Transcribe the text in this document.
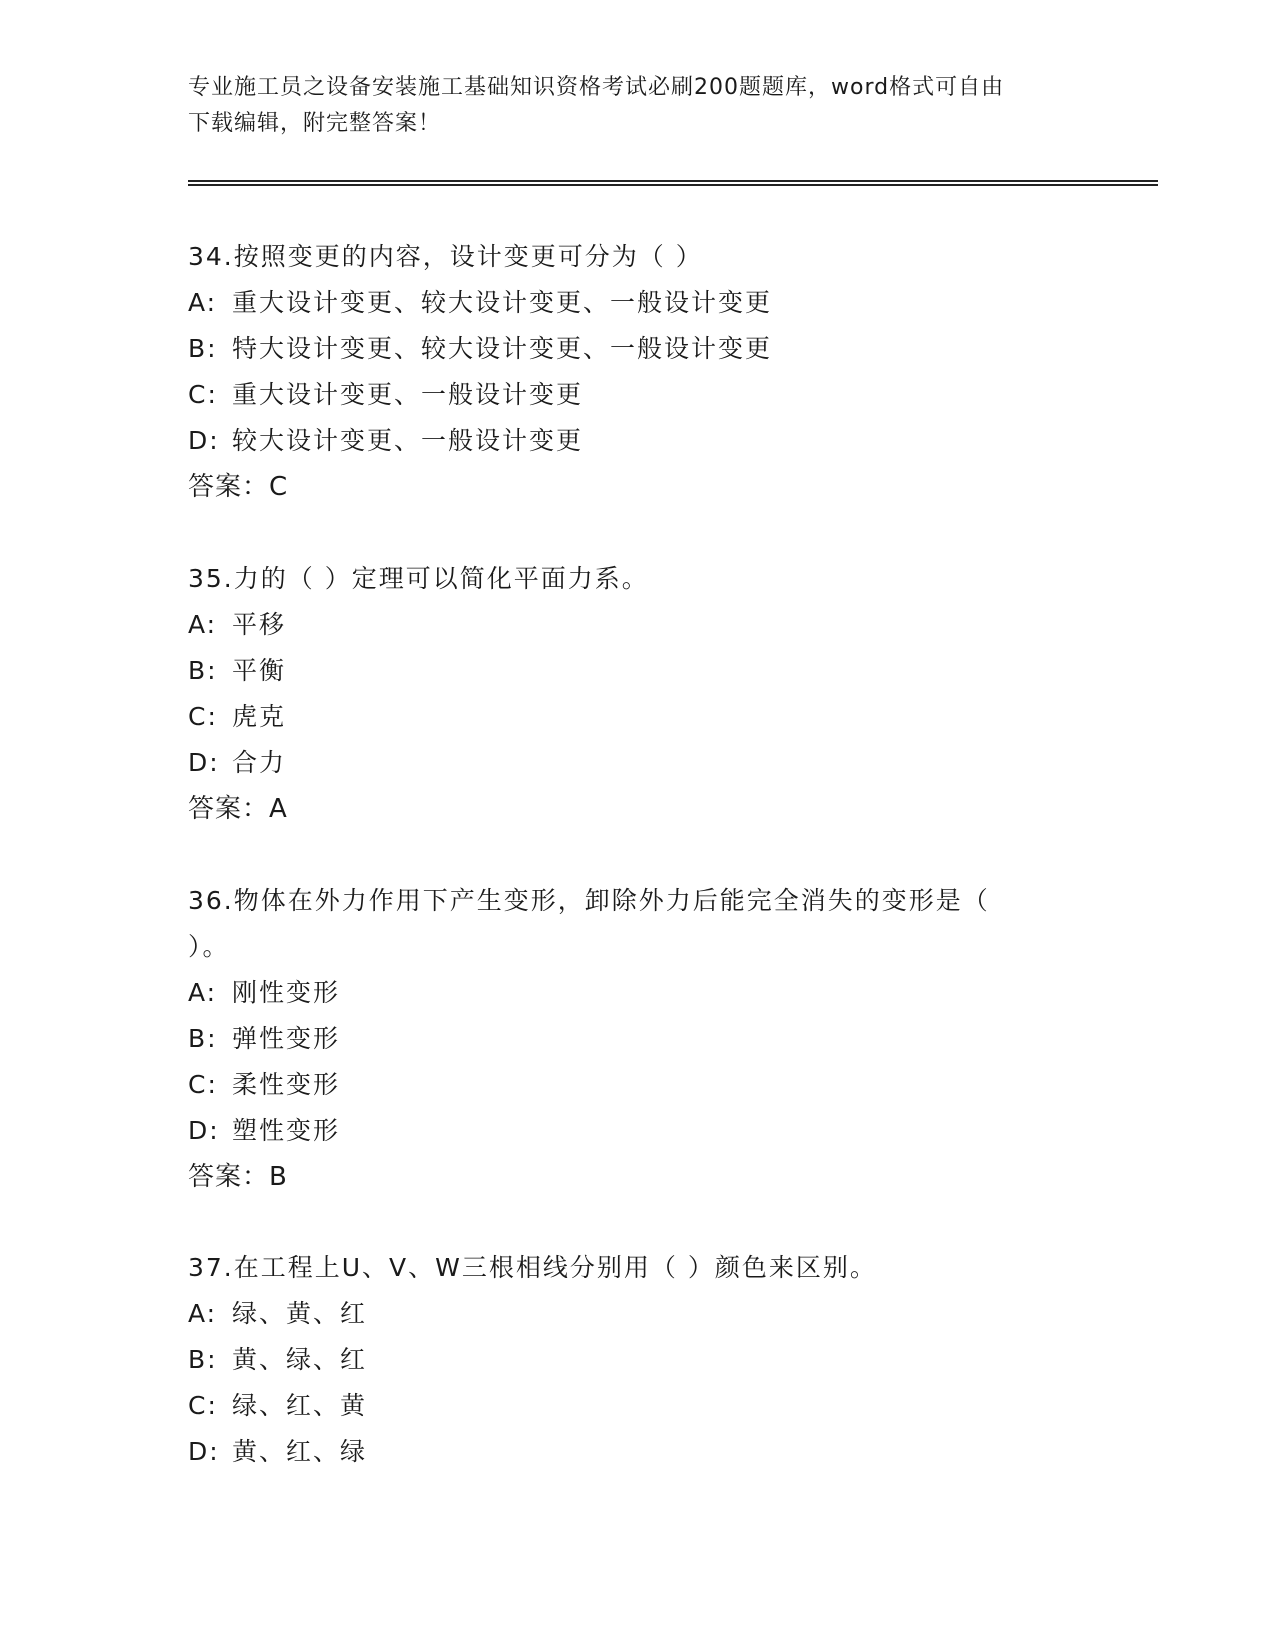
专业施工员之设备安装施工基础知识资格考试必刷200题题库，word格式可自由
下载编辑，附完整答案！
34.按照变更的内容，设计变更可分为（ ）
A: 重大设计变更、较大设计变更、一般设计变更
B: 特大设计变更、较大设计变更、一般设计变更
C: 重大设计变更、一般设计变更
D: 较大设计变更、一般设计变更
答案：C
35.力的（ ）定理可以简化平面力系。
A: 平移
B: 平衡
C: 虎克
D: 合力
答案：A
36.物体在外力作用下产生变形，卸除外力后能完全消失的变形是（ ）。
A: 刚性变形
B: 弹性变形
C: 柔性变形
D: 塑性变形
答案：B
37.在工程上U、V、W三根相线分别用（ ）颜色来区别。
A: 绿、黄、红
B: 黄、绿、红
C: 绿、红、黄
D: 黄、红、绿
